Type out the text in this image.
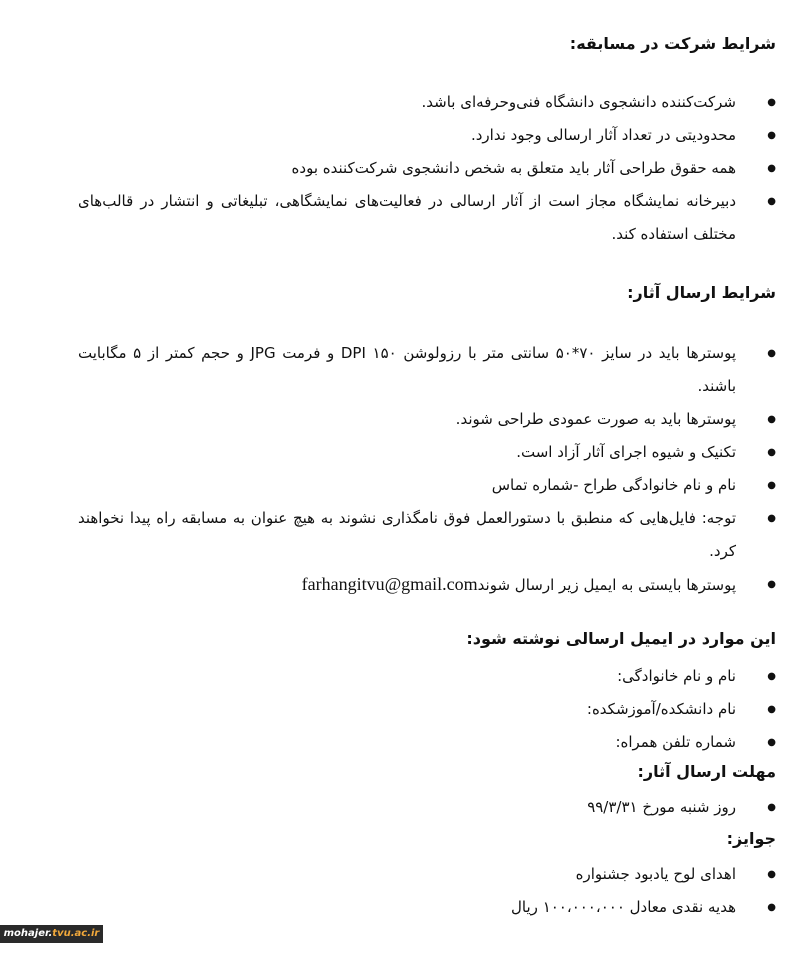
شرایط شرکت در مسابقه:
● شرکت‌کننده دانشجوی دانشگاه فنی‌وحرفه‌ای باشد.
● محدودیتی در تعداد آثار ارسالی وجود ندارد.
● همه حقوق طراحی آثار باید متعلق به شخص دانشجوی شرکت‌کننده بوده
● دبیرخانه نمایشگاه مجاز است از آثار ارسالی در فعالیت‌های نمایشگاهی، تبلیغاتی و انتشار در قالب‌های مختلف استفاده کند.
شرایط ارسال آثار:
● پوسترها باید در سایز ۷۰*۵۰ سانتی متر با رزولوشن ۱۵۰ DPI و فرمت JPG و حجم کمتر از ۵ مگابایت باشند.
● پوسترها باید به صورت عمودی طراحی شوند.
● تکنیک و شیوه اجرای آثار آزاد است.
● نام و نام خانوادگی طراح -شماره تماس
● توجه: فایل‌هایی که منطبق با دستورالعمل فوق نامگذاری نشوند به هیچ عنوان به مسابقه راه پیدا نخواهند کرد.
● پوسترها بایستی به ایمیل زیر ارسال شوندfarhangitvu@gmail.com
این موارد در ایمیل ارسالی نوشته شود:
● نام و نام خانوادگی:
● نام دانشکده/آموزشکده:
● شماره تلفن همراه:
مهلت ارسال آثار:
● روز شنبه مورخ ۹۹/۳/۳۱
جوایز:
● اهدای لوح یادبود جشنواره
● هدیه نقدی معادل ۱۰۰،۰۰۰،۰۰۰ ریال
mohajer.tvu.ac.ir
